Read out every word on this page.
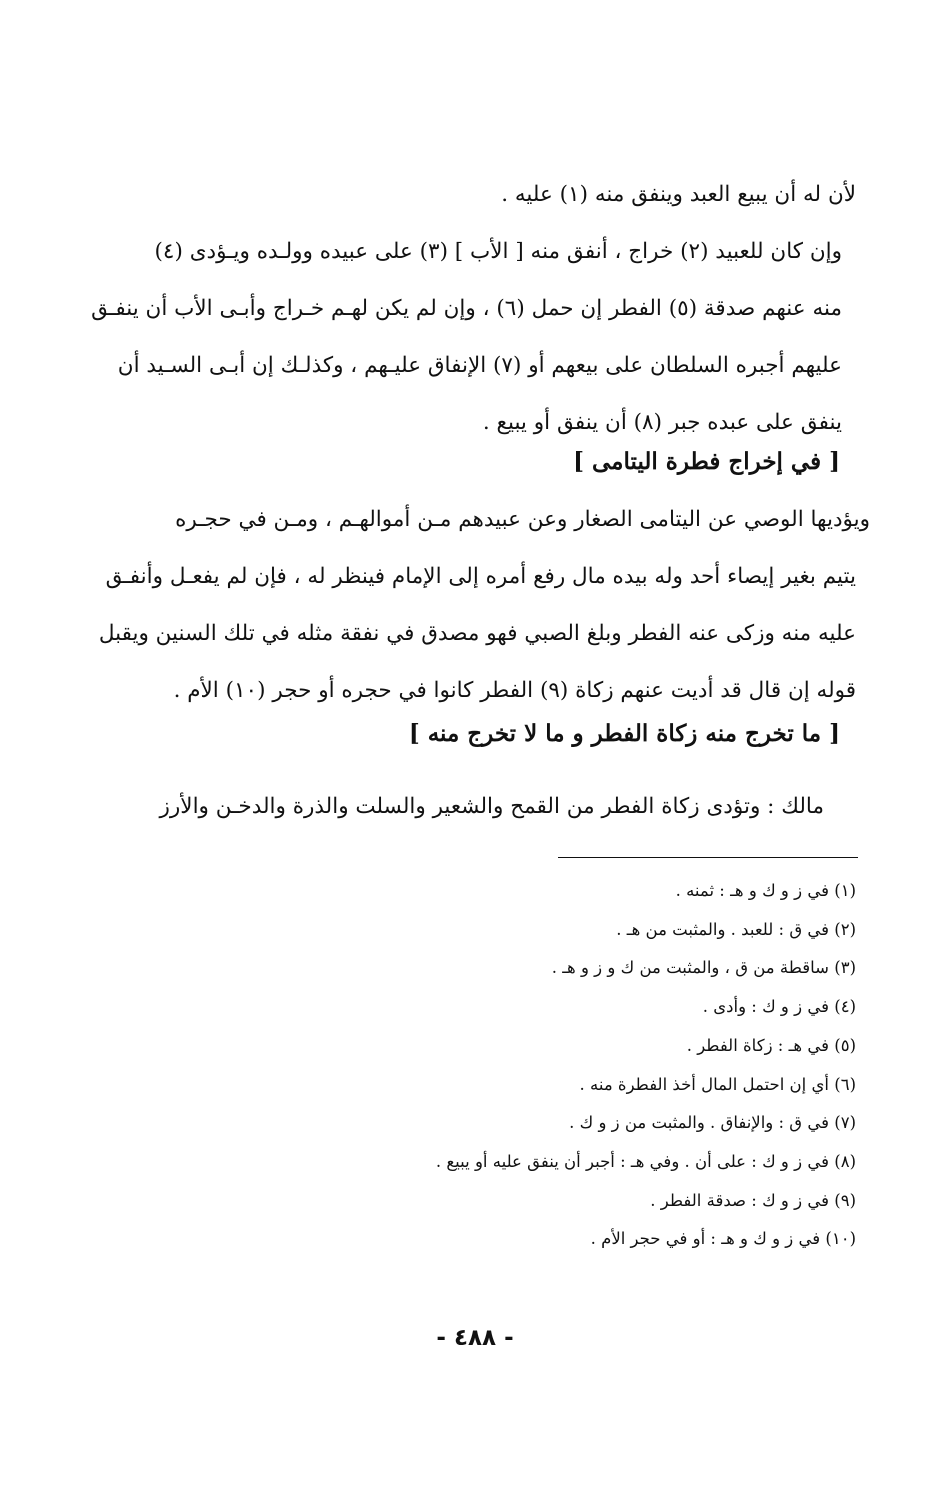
لأن له أن يبيع العبد وينفق منه (١) عليه .
وإن كان للعبيد (٢) خراج ، أنفق منه [ الأب ] (٣) على عبيده وولـده ويـؤدى (٤)
منه عنهم صدقة (٥) الفطر إن حمل (٦) ، وإن لم يكن لهـم خـراج وأبـى الأب أن ينفـق
عليهم أجبره السلطان على بيعهم أو (٧) الإنفاق عليـهم ، وكذلـك إن أبـى السـيد أن
ينفق على عبده جبر (٨) أن ينفق أو يبيع .
[ في إخراج فطرة اليتامى ]
ويؤديها الوصي عن اليتامى الصغار وعن عبيدهم مـن أموالهـم ، ومـن في حجـره
يتيم بغير إيصاء أحد وله بيده مال رفع أمره إلى الإمام فينظر له ، فإن لم يفعـل وأنفـق
عليه منه وزكى عنه الفطر وبلغ الصبي فهو مصدق في نفقة مثله في تلك السنين ويقبل
قوله إن قال قد أديت عنهم زكاة (٩) الفطر كانوا في حجره أو حجر (١٠) الأم .
[ ما تخرج منه زكاة الفطر و ما لا تخرج منه ]
مالك : وتؤدى زكاة الفطر من القمح والشعير والسلت والذرة والدخـن والأرز
(١) في ز و ك و هـ : ثمنه .
(٢) في ق : للعبد . والمثبت من هـ .
(٣) ساقطة من ق ، والمثبت من ك و ز و هـ .
(٤) في ز و ك : وأدى .
(٥) في هـ : زكاة الفطر .
(٦) أي إن احتمل المال أخذ الفطرة منه .
(٧) في ق : والإنفاق . والمثبت من ز و ك .
(٨) في ز و ك : على أن . وفي هـ : أجبر أن ينفق عليه أو يبيع .
(٩) في ز و ك : صدقة الفطر .
(١٠) في ز و ك و هـ : أو في حجر الأم .
- ٤٨٨ -
